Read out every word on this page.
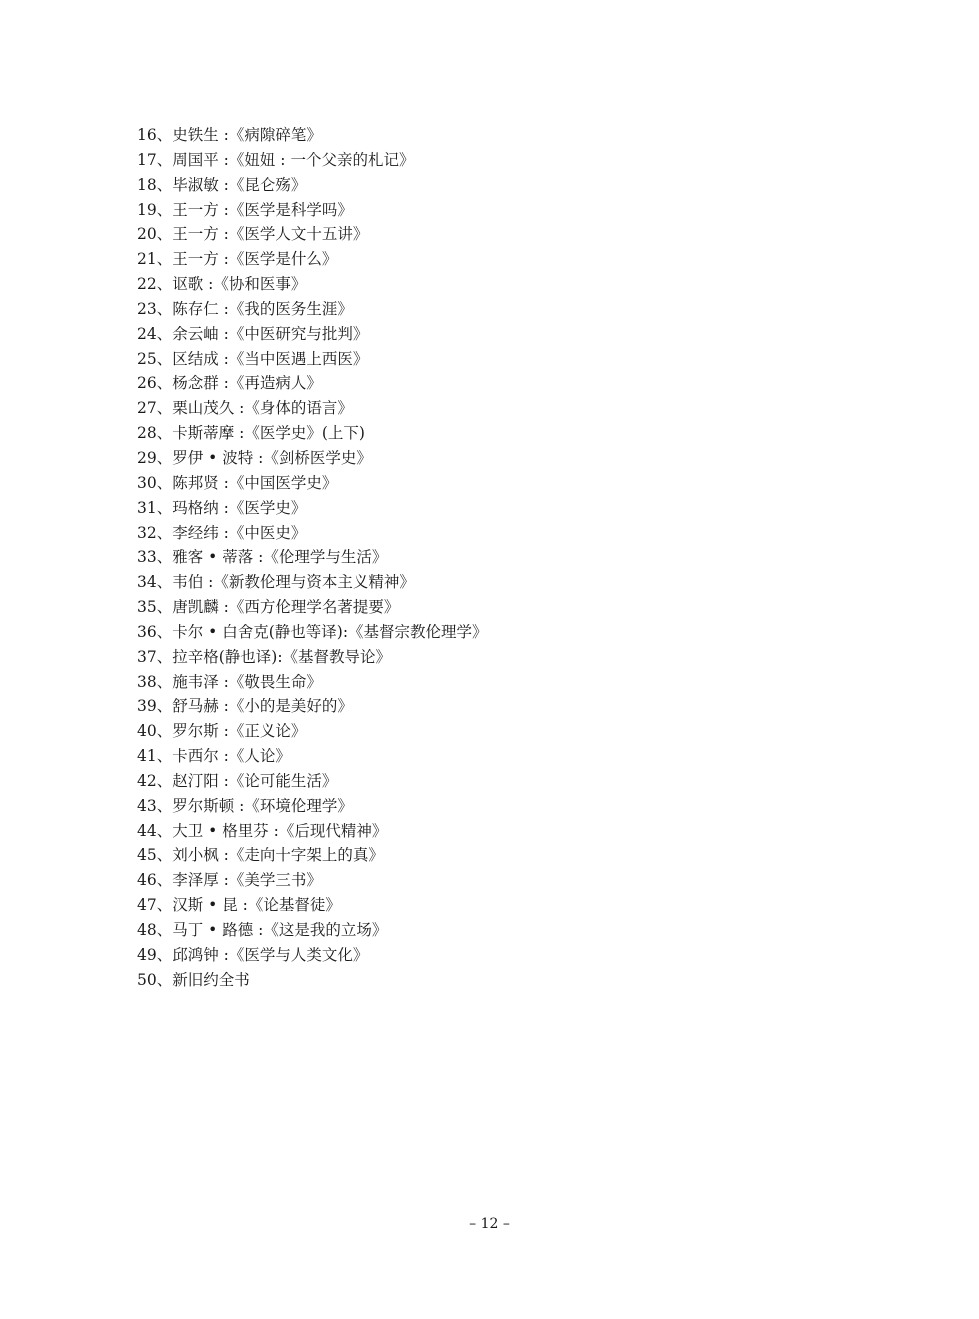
16、史铁生 :《病隙碎笔》
17、周国平 :《妞妞 : 一个父亲的札记》
18、毕淑敏 :《昆仑殇》
19、王一方 :《医学是科学吗》
20、王一方 :《医学人文十五讲》
21、王一方 :《医学是什么》
22、讴歌 :《协和医事》
23、陈存仁 :《我的医务生涯》
24、余云岫 :《中医研究与批判》
25、区结成 :《当中医遇上西医》
26、杨念群 :《再造病人》
27、栗山茂久 :《身体的语言》
28、卡斯蒂摩 :《医学史》(上下)
29、罗伊 • 波特 :《剑桥医学史》
30、陈邦贤 :《中国医学史》
31、玛格纳 :《医学史》
32、李经纬 :《中医史》
33、雅客 • 蒂落 :《伦理学与生活》
34、韦伯 :《新教伦理与资本主义精神》
35、唐凯麟 :《西方伦理学名著提要》
36、卡尔 • 白舍克(静也等译):《基督宗教伦理学》
37、拉辛格(静也译):《基督教导论》
38、施韦泽 :《敬畏生命》
39、舒马赫 :《小的是美好的》
40、罗尔斯 :《正义论》
41、卡西尔 :《人论》
42、赵汀阳 :《论可能生活》
43、罗尔斯顿 :《环境伦理学》
44、大卫 • 格里芬 :《后现代精神》
45、刘小枫 :《走向十字架上的真》
46、李泽厚 :《美学三书》
47、汉斯 • 昆 :《论基督徒》
48、马丁 • 路德 :《这是我的立场》
49、邱鸿钟 :《医学与人类文化》
50、新旧约全书
– 12 –
